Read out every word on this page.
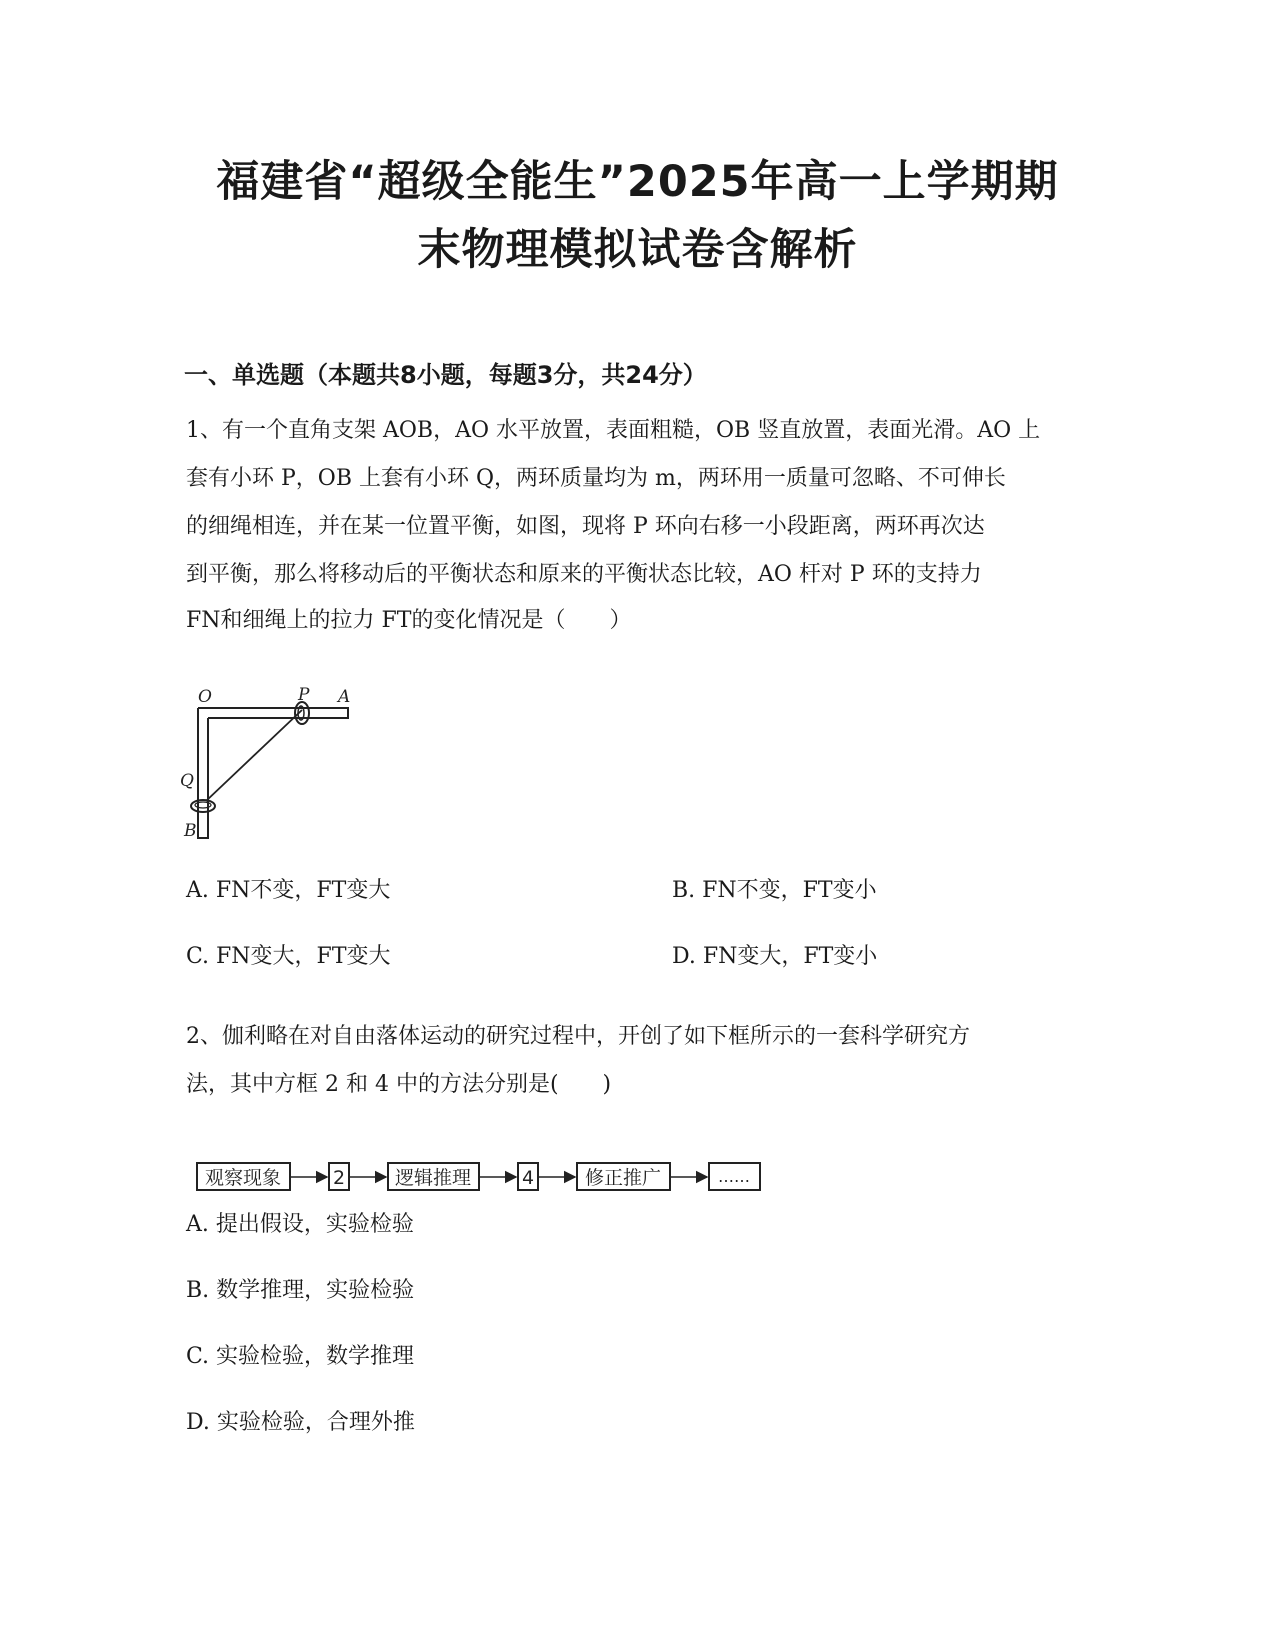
福建省“超级全能生”2025年高一上学期期
末物理模拟试卷含解析
一、单选题（本题共8小题，每题3分，共24分）
1、有一个直角支架 AOB，AO 水平放置，表面粗糙，OB 竖直放置，表面光滑。AO 上
套有小环 P，OB 上套有小环 Q，两环质量均为 m，两环用一质量可忽略、不可伸长
的细绳相连，并在某一位置平衡，如图，现将 P 环向右移一小段距离，两环再次达
到平衡，那么将移动后的平衡状态和原来的平衡状态比较，AO 杆对 P 环的支持力
FN和细绳上的拉力 FT的变化情况是（　　）
O	P A
Q
B
A. FN不变，FT变大	B. FN不变，FT变小
C. FN变大，FT变大	D. FN变大，FT变小
2、伽利略在对自由落体运动的研究过程中，开创了如下框所示的一套科学研究方
法，其中方框 2 和 4 中的方法分别是(　　)
观察现象	2	逻辑推理	4	修正推广	……
A. 提出假设，实验检验
B. 数学推理，实验检验
C. 实验检验，数学推理
D. 实验检验，合理外推
